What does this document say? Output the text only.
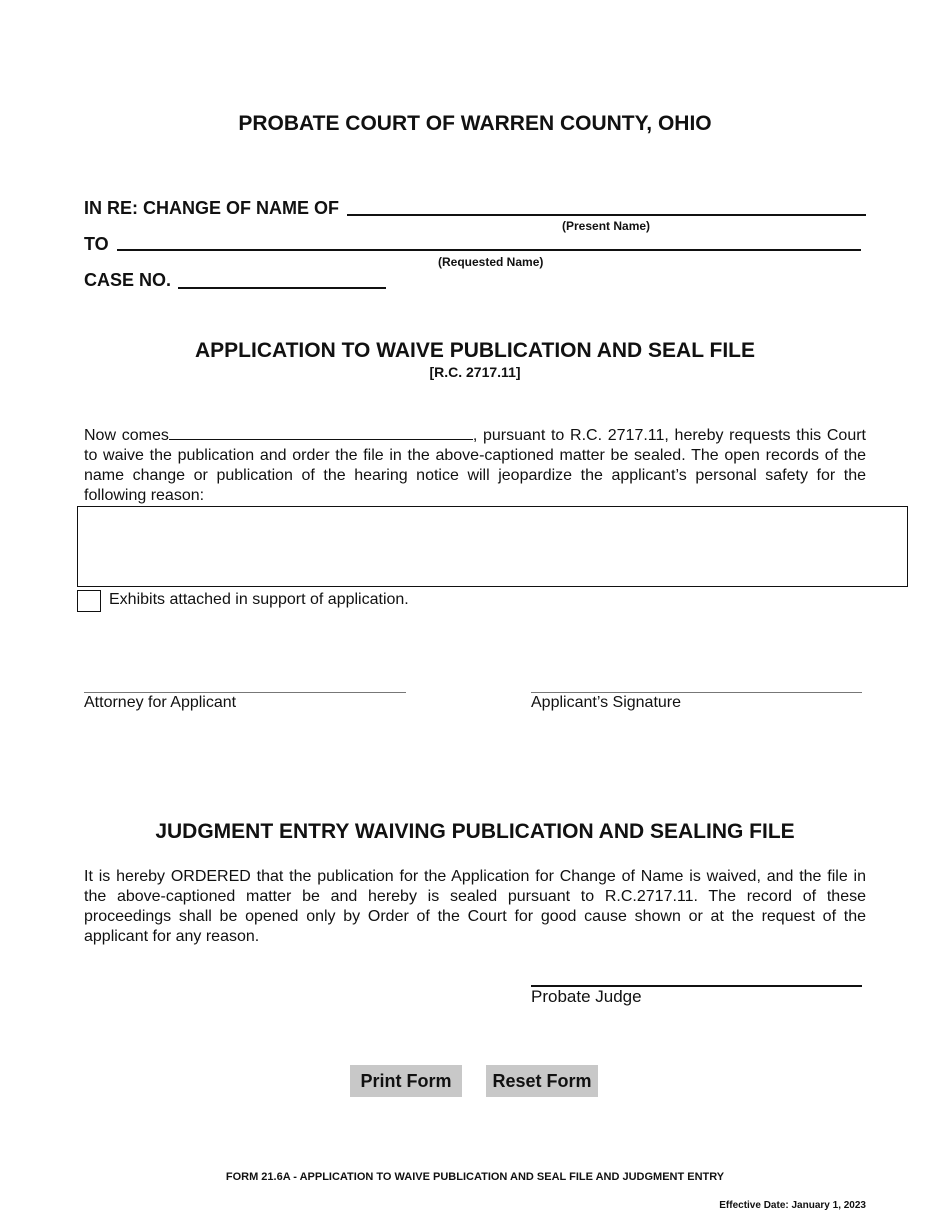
PROBATE COURT OF WARREN COUNTY, OHIO
IN RE: CHANGE OF NAME OF
(Present Name)
TO
(Requested Name)
CASE NO.
APPLICATION TO WAIVE PUBLICATION AND SEAL FILE
[R.C. 2717.11]
Now comes	, pursuant to R.C. 2717.11, hereby requests this Court to waive the publication and order the file in the above-captioned matter be sealed. The open records of the name change or publication of the hearing notice will jeopardize the applicant’s personal safety for the following reason:
Exhibits attached in support of application.
Attorney for Applicant	Applicant’s Signature
JUDGMENT ENTRY WAIVING PUBLICATION AND SEALING FILE
It is hereby ORDERED that the publication for the Application for Change of Name is waived, and the file in the above-captioned matter be and hereby is sealed pursuant to R.C.2717.11. The record of these proceedings shall be opened only by Order of the Court for good cause shown or at the request of the applicant for any reason.
Probate Judge
Print Form	Reset Form
FORM 21.6A - APPLICATION TO WAIVE PUBLICATION AND SEAL FILE AND JUDGMENT ENTRY
Effective Date: January 1, 2023
